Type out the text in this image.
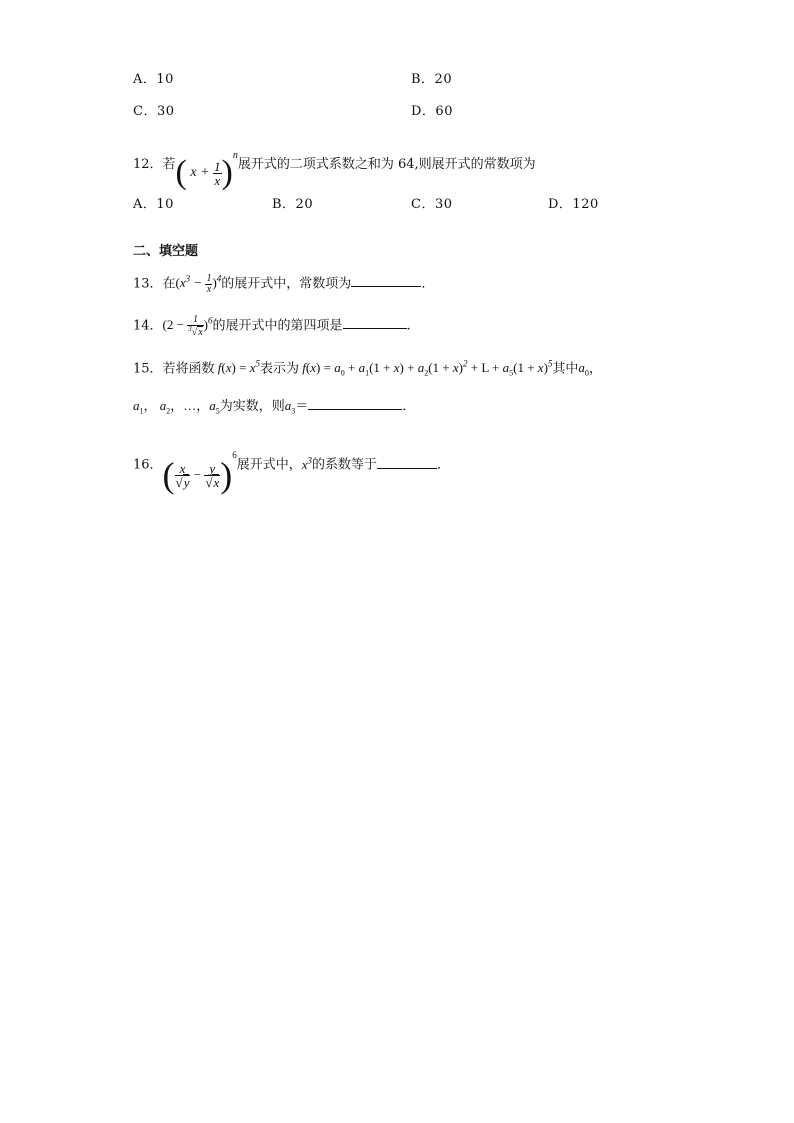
A．10	B．20
C．30	D．60
12．若( $x + \frac{1}{x} )^n$展开式的二项式系数之和为 64,则展开式的常数项为
A．10	B．20	C．30	D．120
二、填空题
13．在$(x^3 - \frac{1}{x} )^4$的展开式中，常数项为	．
14．$(2 - \frac{1}{^3√x} )^6$的展开式中的第四项是	.
15．若将函数 $f(x) = x^5$表示为 $f(x) = a_0 + a_1(1 + x) + a_2(1 + x)^2 + L + a_5(1 + x)^5$其中$a_0$，
$a_1$， $a_2$，…，$a_5$为实数，则$a_3=$	．
16．( $\frac{x}{√y} - \frac{y}{√x} )^6$展开式中，$x^3$的系数等于	．
